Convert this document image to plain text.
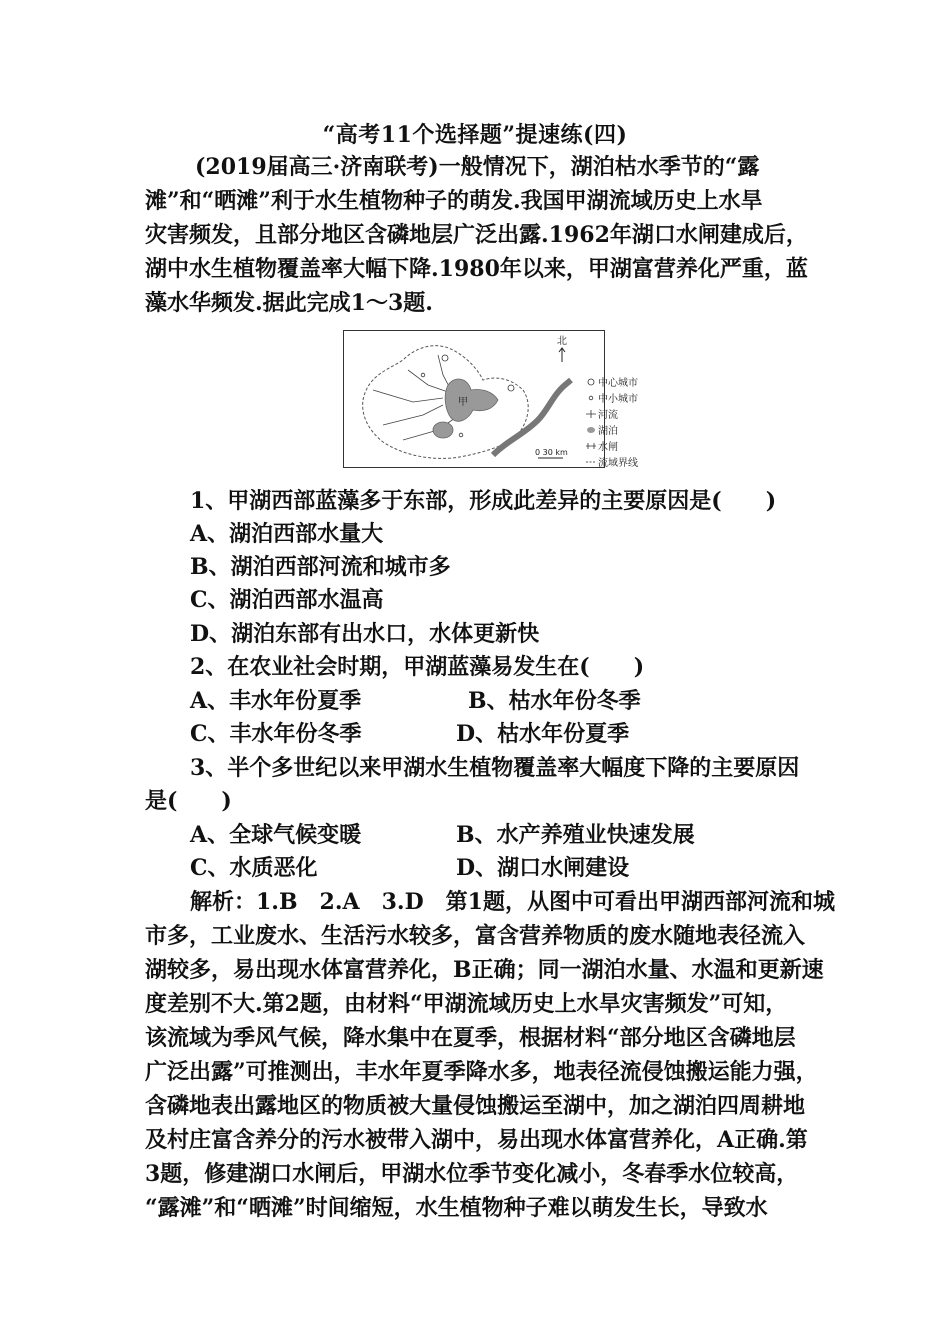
“高考11个选择题”提速练(四)
(2019届高三·济南联考)一般情况下，湖泊枯水季节的“露
滩”和“晒滩”利于水生植物种子的萌发.我国甲湖流域历史上水旱
灾害频发，且部分地区含磷地层广泛出露.1962年湖口水闸建成后，
湖中水生植物覆盖率大幅下降.1980年以来，甲湖富营养化严重，蓝
藻水华频发.据此完成1～3题.
甲
北
0 30 km
中心城市
中小城市
河流
湖泊
水闸
流域界线
1、甲湖西部蓝藻多于东部，形成此差异的主要原因是(　　)
A、湖泊西部水量大
B、湖泊西部河流和城市多
C、湖泊西部水温高
D、湖泊东部有出水口，水体更新快
2、在农业社会时期，甲湖蓝藻易发生在(　　)
A、丰水年份夏季	B、枯水年份冬季
C、丰水年份冬季	D、枯水年份夏季
3、半个多世纪以来甲湖水生植物覆盖率大幅度下降的主要原因
是(　　)
A、全球气候变暖	B、水产养殖业快速发展
C、水质恶化	D、湖口水闸建设
解析：1.B　2.A　3.D　第1题，从图中可看出甲湖西部河流和城
市多，工业废水、生活污水较多，富含营养物质的废水随地表径流入
湖较多，易出现水体富营养化，B正确；同一湖泊水量、水温和更新速
度差别不大.第2题，由材料“甲湖流域历史上水旱灾害频发”可知，
该流域为季风气候，降水集中在夏季，根据材料“部分地区含磷地层
广泛出露”可推测出，丰水年夏季降水多，地表径流侵蚀搬运能力强，
含磷地表出露地区的物质被大量侵蚀搬运至湖中，加之湖泊四周耕地
及村庄富含养分的污水被带入湖中，易出现水体富营养化，A正确.第
3题，修建湖口水闸后，甲湖水位季节变化减小，冬春季水位较高，
“露滩”和“晒滩”时间缩短，水生植物种子难以萌发生长，导致水
